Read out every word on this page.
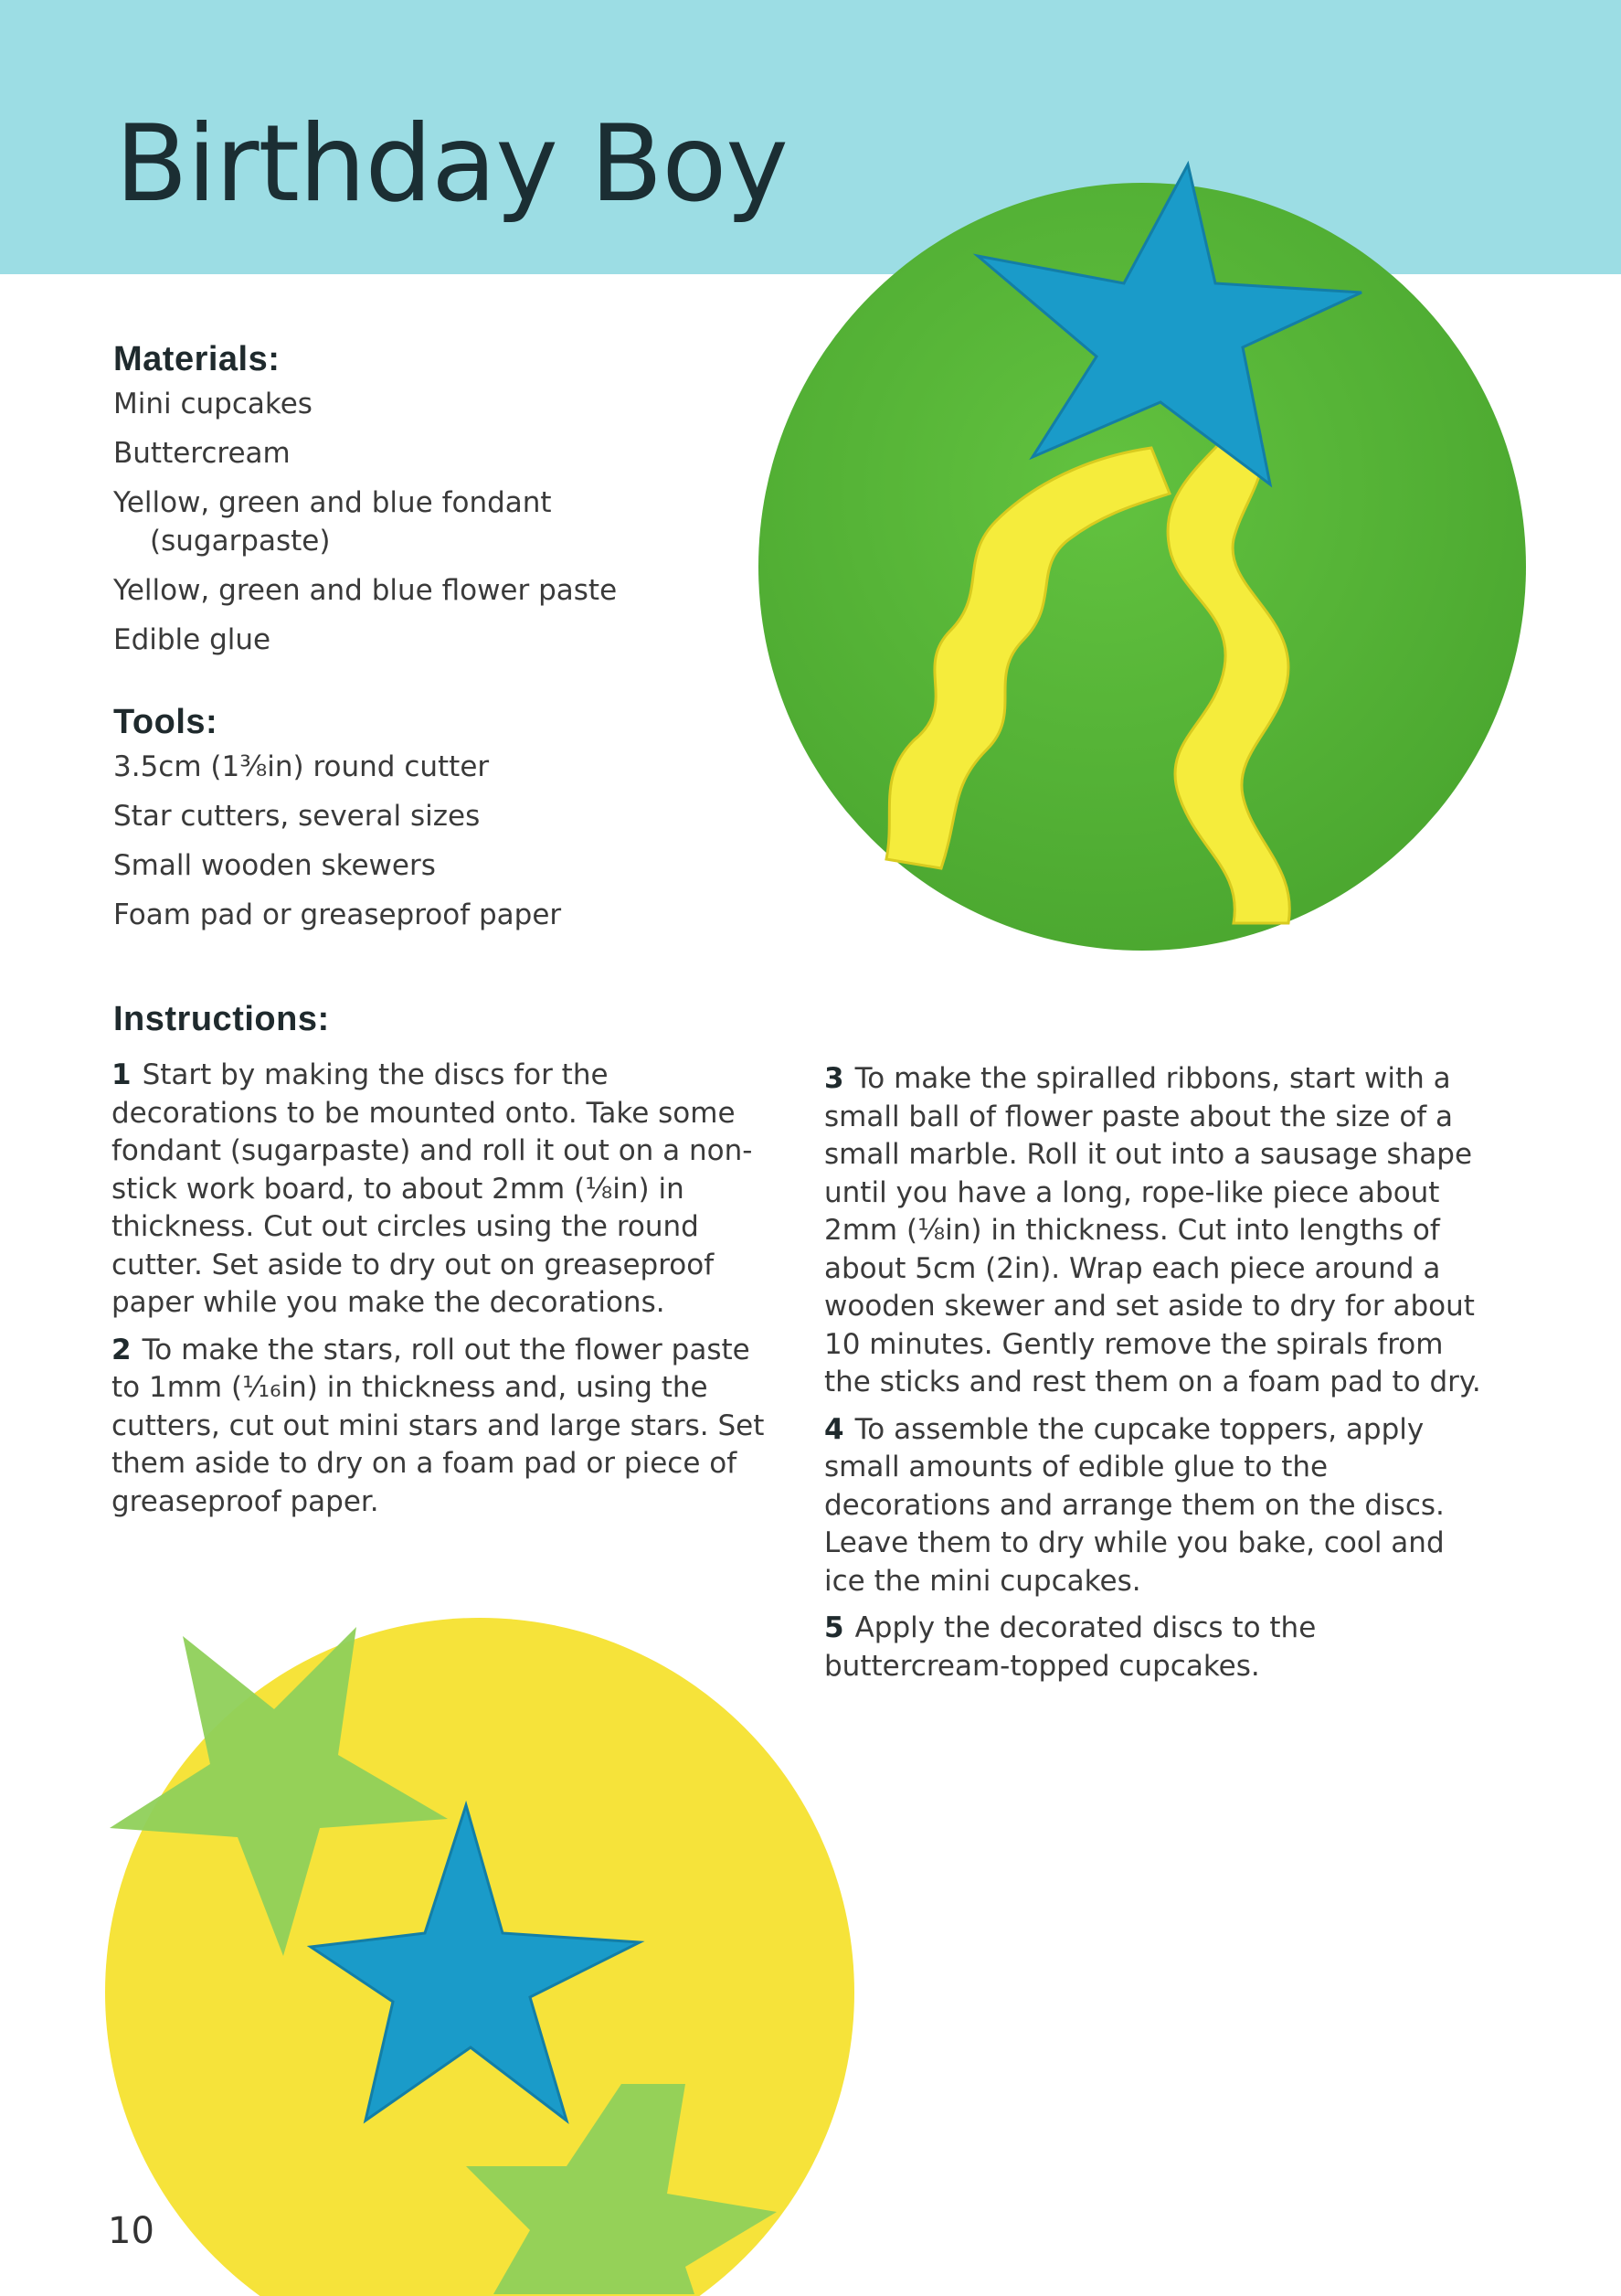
Birthday Boy
Materials:
Mini cupcakes
Buttercream
Yellow, green and blue fondant (sugarpaste)
Yellow, green and blue flower paste
Edible glue
Tools:
3.5cm (1⅜in) round cutter
Star cutters, several sizes
Small wooden skewers
Foam pad or greaseproof paper
Instructions:

1 Start by making the discs for the decorations to be mounted onto. Take some fondant (sugarpaste) and roll it out on a non-stick work board, to about 2mm (⅛in) in thickness. Cut out circles using the round cutter. Set aside to dry out on greaseproof paper while you make the decorations.

2 To make the stars, roll out the flower paste to 1mm (¹⁄₁₆in) in thickness and, using the cutters, cut out mini stars and large stars. Set them aside to dry on a foam pad or piece of greaseproof paper.

3 To make the spiralled ribbons, start with a small ball of flower paste about the size of a small marble. Roll it out into a sausage shape until you have a long, rope-like piece about 2mm (⅛in) in thickness. Cut into lengths of about 5cm (2in). Wrap each piece around a wooden skewer and set aside to dry for about 10 minutes. Gently remove the spirals from the sticks and rest them on a foam pad to dry.

4 To assemble the cupcake toppers, apply small amounts of edible glue to the decorations and arrange them on the discs. Leave them to dry while you bake, cool and ice the mini cupcakes.

5 Apply the decorated discs to the buttercream-topped cupcakes.

10
